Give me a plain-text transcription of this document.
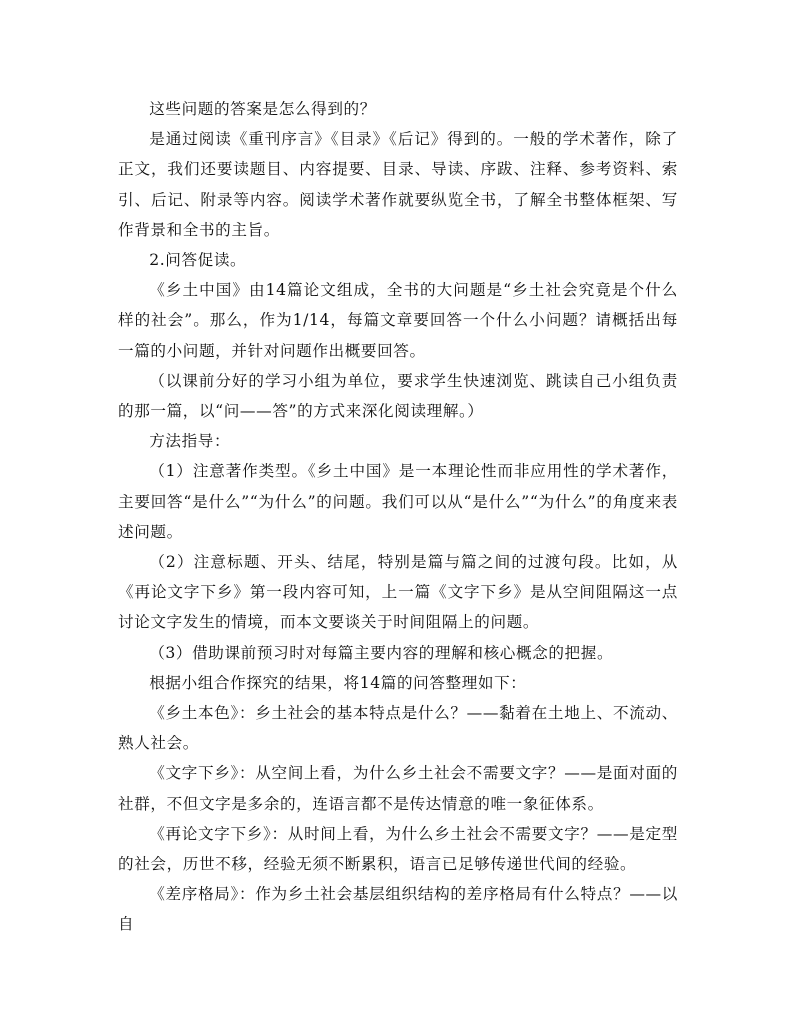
这些问题的答案是怎么得到的？

是通过阅读《重刊序言》《目录》《后记》得到的。一般的学术著作，除了正文，我们还要读题目、内容提要、目录、导读、序跋、注释、参考资料、索引、后记、附录等内容。阅读学术著作就要纵览全书，了解全书整体框架、写作背景和全书的主旨。

2.问答促读。

《乡土中国》由14篇论文组成，全书的大问题是“乡土社会究竟是个什么样的社会”。那么，作为1/14，每篇文章要回答一个什么小问题？请概括出每一篇的小问题，并针对问题作出概要回答。

（以课前分好的学习小组为单位，要求学生快速浏览、跳读自己小组负责的那一篇，以“问——答”的方式来深化阅读理解。）

方法指导：

（1）注意著作类型。《乡土中国》是一本理论性而非应用性的学术著作，主要回答“是什么”“为什么”的问题。我们可以从“是什么”“为什么”的角度来表述问题。

（2）注意标题、开头、结尾，特别是篇与篇之间的过渡句段。比如，从《再论文字下乡》第一段内容可知，上一篇《文字下乡》是从空间阻隔这一点讨论文字发生的情境，而本文要谈关于时间阻隔上的问题。

（3）借助课前预习时对每篇主要内容的理解和核心概念的把握。

根据小组合作探究的结果，将14篇的问答整理如下：

《乡土本色》：乡土社会的基本特点是什么？——黏着在土地上、不流动、熟人社会。

《文字下乡》：从空间上看，为什么乡土社会不需要文字？——是面对面的社群，不但文字是多余的，连语言都不是传达情意的唯一象征体系。

《再论文字下乡》：从时间上看，为什么乡土社会不需要文字？——是定型的社会，历世不移，经验无须不断累积，语言已足够传递世代间的经验。

《差序格局》：作为乡土社会基层组织结构的差序格局有什么特点？——以自
